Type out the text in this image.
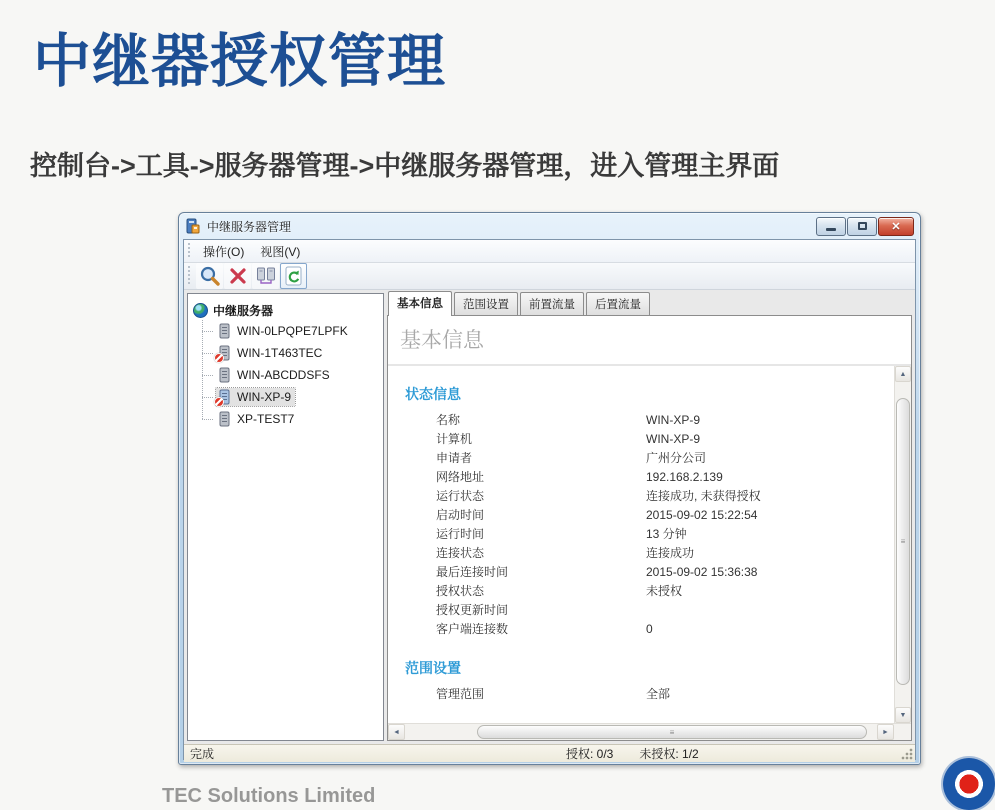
中继器授权管理
控制台->工具->服务器管理->中继服务器管理，进入管理主界面
中继服务器管理	✕
操作(O)	视图(V)
中继服务器
WIN-0LPQPE7LPFK
WIN-1T463TEC
WIN-ABCDDSFS
WIN-XP-9
XP-TEST7
基本信息	范围设置	前置流量	后置流量
基本信息
状态信息
名称	WIN-XP-9
计算机	WIN-XP-9
申请者	广州分公司
网络地址	192.168.2.139
运行状态	连接成功, 未获得授权
启动时间	2015-09-02 15:22:54
运行时间	13 分钟
连接状态	连接成功
最后连接时间	2015-09-02 15:36:38
授权状态	未授权
授权更新时间
客户端连接数	0
范围设置
管理范围	全部
▲
≡
▼
◄	≡	►
完成	授权: 0/3 未授权: 1/2
TEC Solutions Limited
